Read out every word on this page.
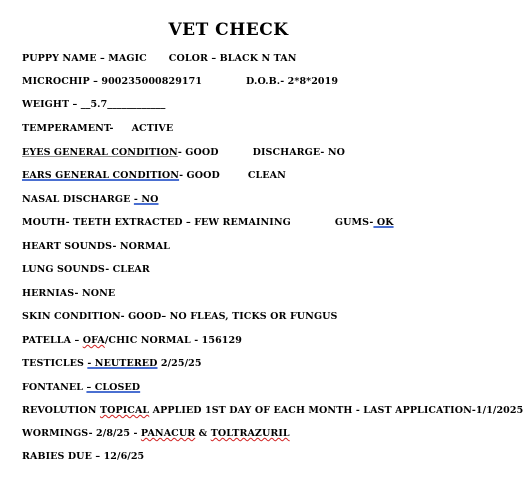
VET CHECK
PUPPY NAME – MAGIC COLOR – BLACK N TAN
MICROCHIP – 900235000829171	D.O.B.- 2*8*2019
WEIGHT – __5.7____________
TEMPERAMENT- ACTIVE
EYES GENERAL CONDITION- GOOD	DISCHARGE- NO
EARS GENERAL CONDITION- GOOD	CLEAN
NASAL DISCHARGE - NO
MOUTH- TEETH EXTRACTED – FEW REMAINING	GUMS- OK
HEART SOUNDS- NORMAL
LUNG SOUNDS- CLEAR
HERNIAS- NONE
SKIN CONDITION- GOOD– NO FLEAS, TICKS OR FUNGUS
PATELLA – OFA/CHIC NORMAL - 156129
TESTICLES - NEUTERED 2/25/25
FONTANEL – CLOSED
REVOLUTION TOPICAL APPLIED 1ST DAY OF EACH MONTH - LAST APPLICATION-1/1/2025
WORMINGS- 2/8/25 - PANACUR & TOLTRAZURIL
RABIES DUE – 12/6/25
